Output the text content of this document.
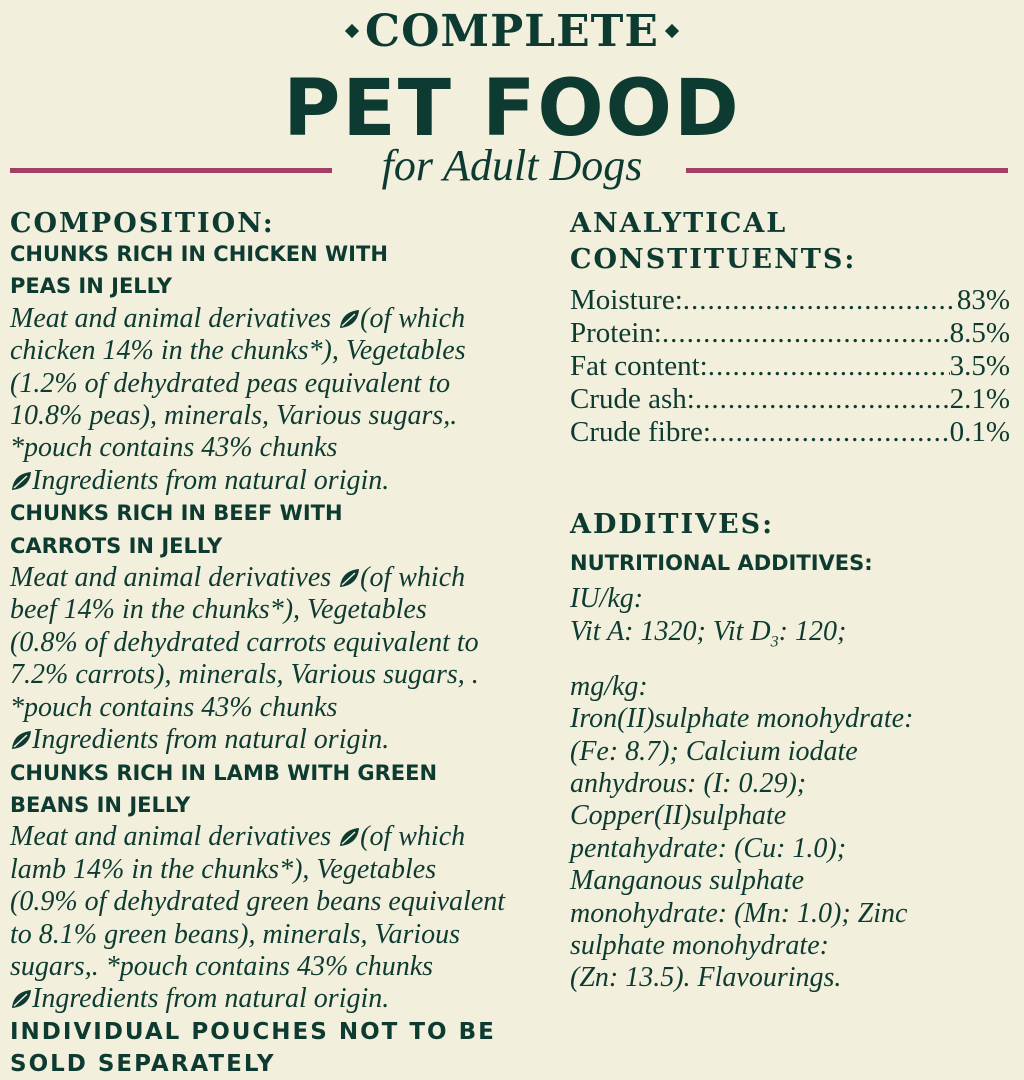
COMPLETE
PET FOOD
for Adult Dogs
COMPOSITION:
CHUNKS RICH IN CHICKEN WITH
PEAS IN JELLY
Meat and animal derivatives (of which
chicken 14% in the chunks*), Vegetables
(1.2% of dehydrated peas equivalent to
10.8% peas), minerals, Various sugars,.
*pouch contains 43% chunks
Ingredients from natural origin.
CHUNKS RICH IN BEEF WITH
CARROTS IN JELLY
Meat and animal derivatives (of which
beef 14% in the chunks*), Vegetables
(0.8% of dehydrated carrots equivalent to
7.2% carrots), minerals, Various sugars, .
*pouch contains 43% chunks
Ingredients from natural origin.
CHUNKS RICH IN LAMB WITH GREEN
BEANS IN JELLY
Meat and animal derivatives (of which
lamb 14% in the chunks*), Vegetables
(0.9% of dehydrated green beans equivalent
to 8.1% green beans), minerals, Various
sugars,. *pouch contains 43% chunks
Ingredients from natural origin.
INDIVIDUAL POUCHES NOT TO BE
SOLD SEPARATELY
ANALYTICAL
CONSTITUENTS:
Moisture: .....	83%
Protein: .....	8.5%
Fat content: .....	3.5%
Crude ash: .....	2.1%
Crude fibre: .....	0.1%
ADDITIVES:
NUTRITIONAL ADDITIVES:
IU/kg:
Vit A: 1320; Vit $D_3$: 120;
mg/kg:
Iron(II)sulphate monohydrate:
(Fe: 8.7); Calcium iodate
anhydrous: (I: 0.29);
Copper(II)sulphate
pentahydrate: (Cu: 1.0);
Manganous sulphate
monohydrate: (Mn: 1.0); Zinc
sulphate monohydrate:
(Zn: 13.5). Flavourings.
